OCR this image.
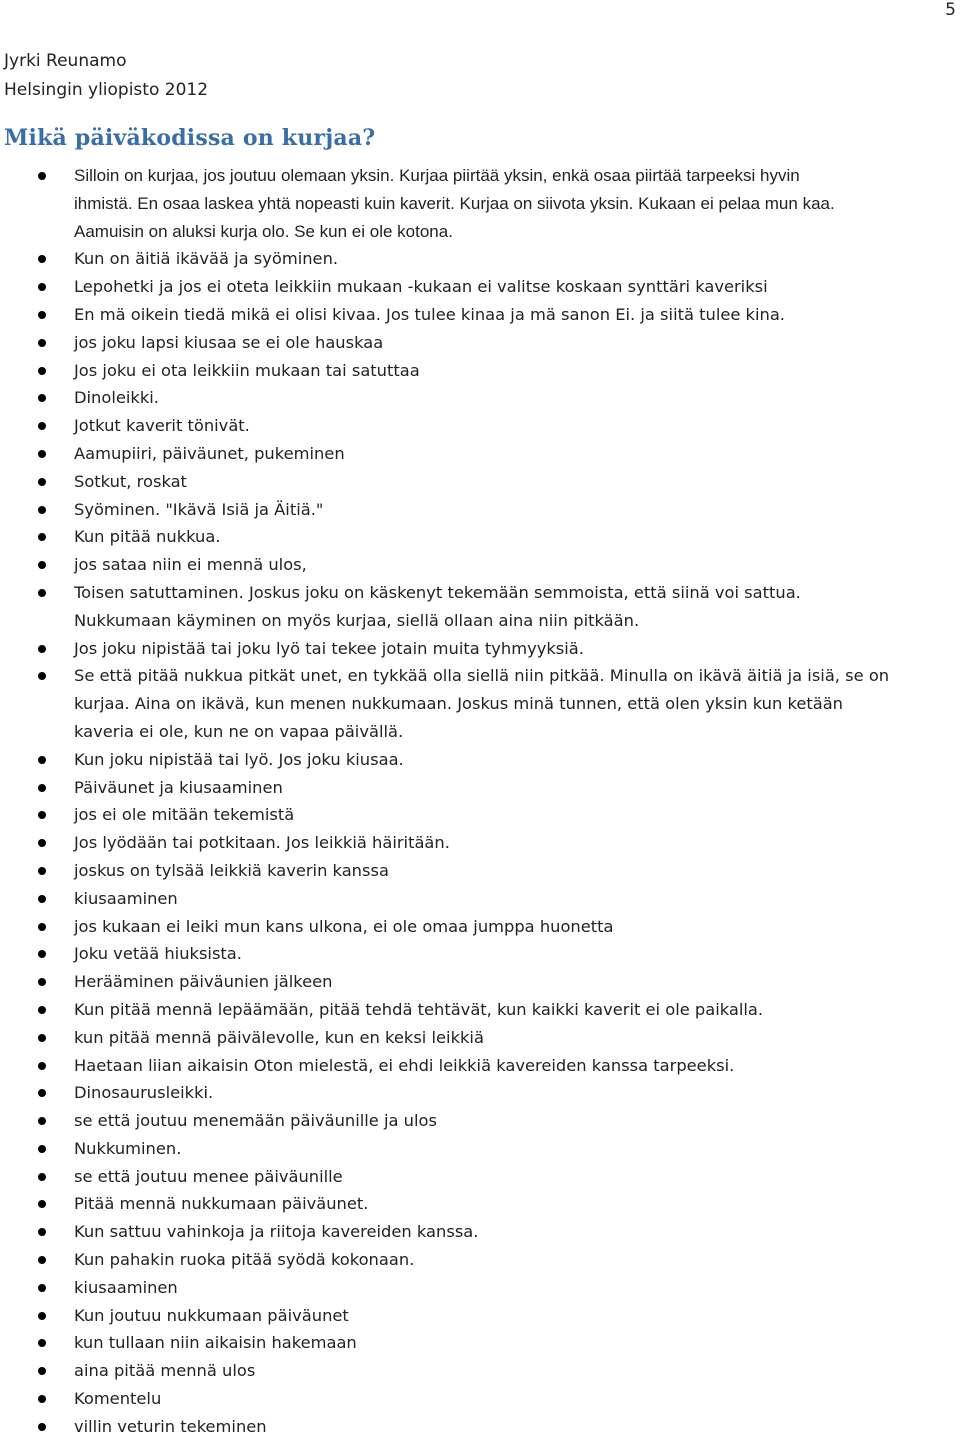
5
Jyrki Reunamo
Helsingin yliopisto 2012
Mikä päiväkodissa on kurjaa?
Silloin on kurjaa, jos joutuu olemaan yksin. Kurjaa piirtää yksin, enkä osaa piirtää tarpeeksi hyvin
ihmistä. En osaa laskea yhtä nopeasti kuin kaverit. Kurjaa on siivota yksin. Kukaan ei pelaa mun kaa.
Aamuisin on aluksi kurja olo. Se kun ei ole kotona.
Kun on äitiä ikävää ja syöminen.
Lepohetki ja jos ei oteta leikkiin mukaan -kukaan ei valitse koskaan synttäri kaveriksi
En mä oikein tiedä mikä ei olisi kivaa. Jos tulee kinaa ja mä sanon Ei. ja siitä tulee kina.
jos joku lapsi kiusaa se ei ole hauskaa
Jos joku ei ota leikkiin mukaan tai satuttaa
Dinoleikki.
Jotkut kaverit tönivät.
Aamupiiri, päiväunet, pukeminen
Sotkut, roskat
Syöminen. "Ikävä Isiä ja Äitiä."
Kun pitää nukkua.
jos sataa niin ei mennä ulos,
Toisen satuttaminen. Joskus joku on käskenyt tekemään semmoista, että siinä voi sattua.
Nukkumaan käyminen on myös kurjaa, siellä ollaan aina niin pitkään.
Jos joku nipistää tai joku lyö tai tekee jotain muita tyhmyyksiä.
Se että pitää nukkua pitkät unet, en tykkää olla siellä niin pitkää. Minulla on ikävä äitiä ja isiä, se on
kurjaa. Aina on ikävä, kun menen nukkumaan. Joskus minä tunnen, että olen yksin kun ketään
kaveria ei ole, kun ne on vapaa päivällä.
Kun joku nipistää tai lyö. Jos joku kiusaa.
Päiväunet ja kiusaaminen
jos ei ole mitään tekemistä
Jos lyödään tai potkitaan. Jos leikkiä häiritään.
joskus on tylsää leikkiä kaverin kanssa
kiusaaminen
jos kukaan ei leiki mun kans ulkona, ei ole omaa jumppa huonetta
Joku vetää hiuksista.
Herääminen päiväunien jälkeen
Kun pitää mennä lepäämään, pitää tehdä tehtävät, kun kaikki kaverit ei ole paikalla.
kun pitää mennä päivälevolle, kun en keksi leikkiä
Haetaan liian aikaisin Oton mielestä, ei ehdi leikkiä kavereiden kanssa tarpeeksi.
Dinosaurusleikki.
se että joutuu menemään päiväunille ja ulos
Nukkuminen.
se että joutuu menee päiväunille
Pitää mennä nukkumaan päiväunet.
Kun sattuu vahinkoja ja riitoja kavereiden kanssa.
Kun pahakin ruoka pitää syödä kokonaan.
kiusaaminen
Kun joutuu nukkumaan päiväunet
kun tullaan niin aikaisin hakemaan
aina pitää mennä ulos
Komentelu
villin veturin tekeminen
